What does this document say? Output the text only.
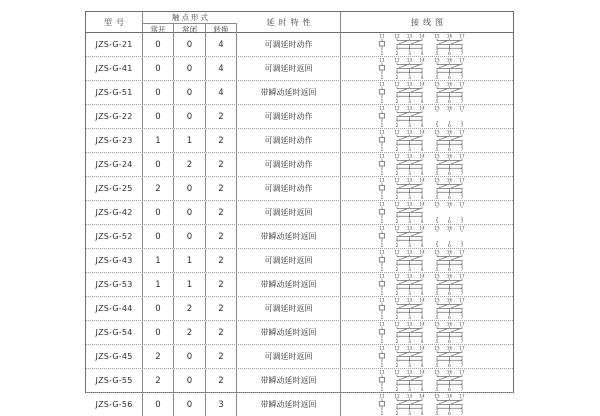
型号	触点形式
常开	常闭	转换
延时特性	接线图
JZS-G-21	0	0	4	可调延时动作
11
1
12 13 14
2 3 4
15 16 17
5 6 7
JZS-G-41	0	0	4	可调延时返回
11
1
12 13 14
2 3 4
15 16 17
5 6 7
JZS-G-51	0	0	4	带瞬动延时返回
11
1
12 13 14
2 3 4
15 16 17
5 6 7
JZS-G-22	0	0	2	可调延时动作
11
1
12 13 14
2 3 4
15 16 17
5 6 7
JZS-G-23	1	1	2	可调延时动作
11
1
12 13 14
2 3 4
15 16 17
5 6 7
JZS-G-24	0	2	2	可调延时动作
11
1
12 13 14
2 3 4
15 16 17
5 6 7
JZS-G-25	2	0	2	可调延时动作
11
1
12 13 14
2 3 4
15 16 17
5 6 7
JZS-G-42	0	0	2	可调延时返回
11
1
12 13 14
2 3 4
15 16 17
5 6 7
JZS-G-52	0	0	2	带瞬动延时返回
11
1
12 13 14
2 3 4
15 16 17
5 6 7
JZS-G-43	1	1	2	可调延时返回
11
1
12 13 14
2 3 4
15 16 17
5 6 7
JZS-G-53	1	1	2	带瞬动延时返回
11
1
12 13 14
2 3 4
15 16 17
5 6 7
JZS-G-44	0	2	2	可调延时返回
11
1
12 13 14
2 3 4
15 16 17
5 6 7
JZS-G-54	0	2	2	带瞬动延时返回
11
1
12 13 14
2 3 4
15 16 17
5 6 7
JZS-G-45	2	0	2	可调延时返回
11
1
12 13 14
2 3 4
15 16 17
5 6 7
JZS-G-55	2	0	2	带瞬动延时返回
11
1
12 13 14
2 3 4
15 16 17
5 6 7
JZS-G-56	0	0	3	带瞬动延时返回
11
1
12 13 14
2 3 4
15 16 17
5 6 7
